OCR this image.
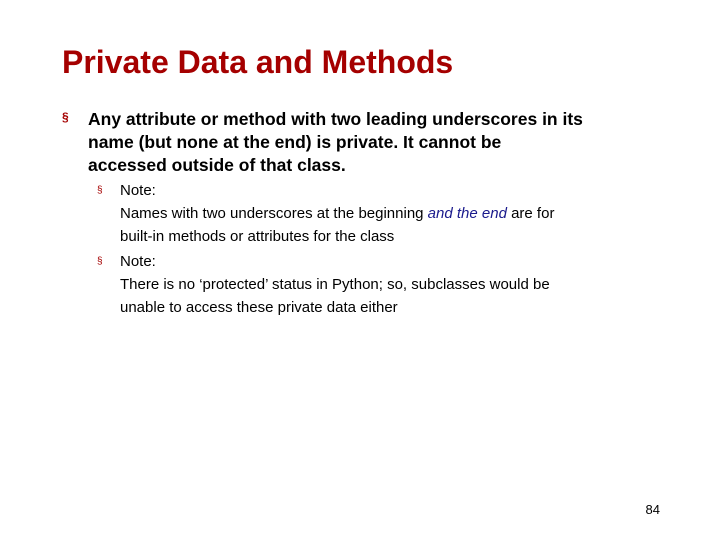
Private Data and Methods
§ Any attribute or method with two leading underscores in its
name (but none at the end) is private. It cannot be
accessed outside of that class.
§ Note:
Names with two underscores at the beginning and the end are for
built-in methods or attributes for the class
§ Note:
There is no ‘protected’ status in Python; so, subclasses would be
unable to access these private data either
84
